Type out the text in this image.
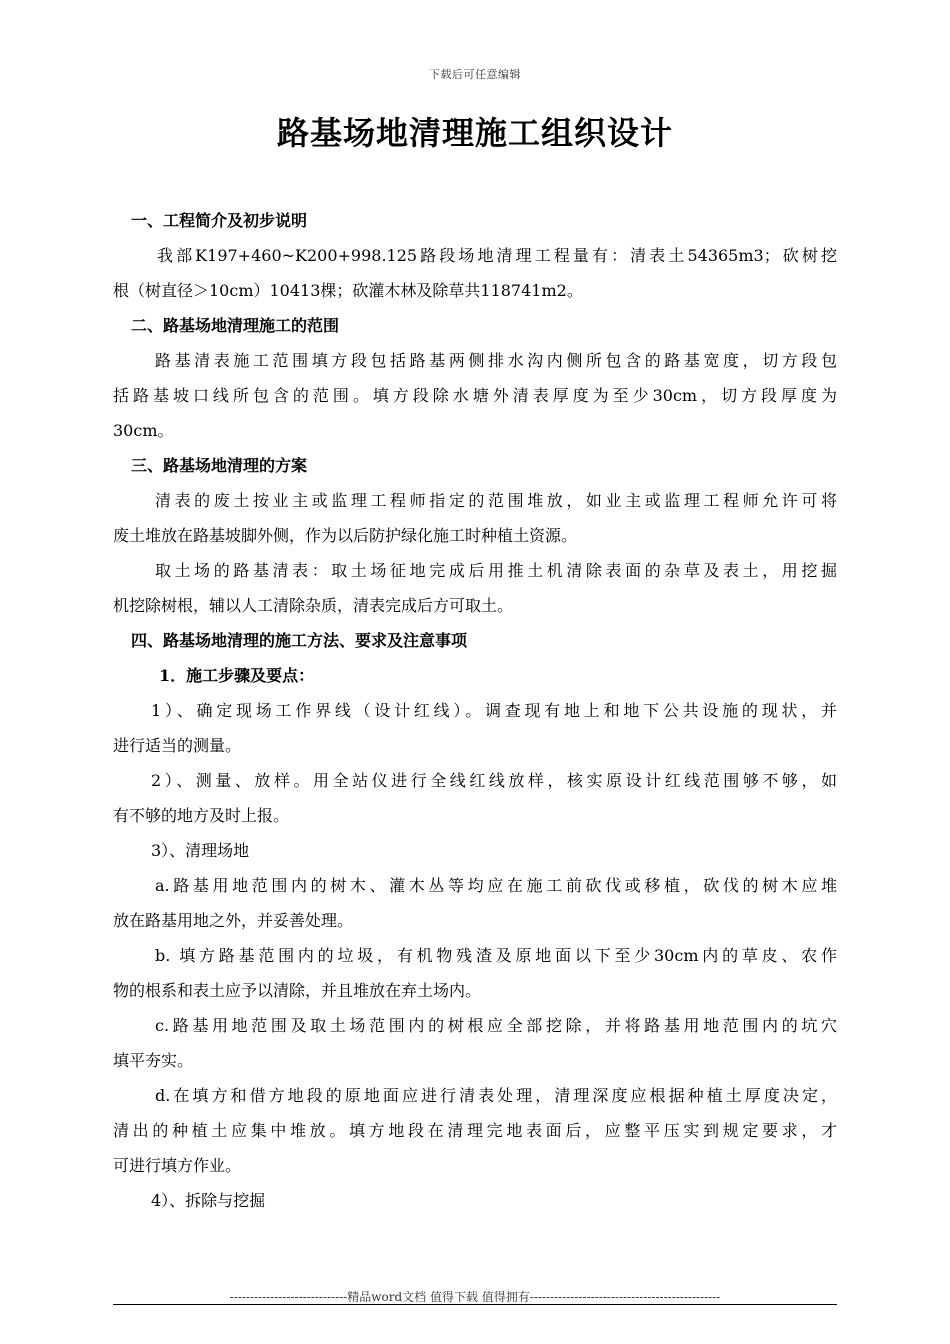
下载后可任意编辑
路基场地清理施工组织设计
一、工程简介及初步说明
我部K197+460~K200+998.125路段场地清理工程量有：清表土54365m3；砍树挖
根（树直径＞10cm）10413棵；砍灌木林及除草共118741m2。
二、路基场地清理施工的范围
路基清表施工范围填方段包括路基两侧排水沟内侧所包含的路基宽度，切方段包
括路基坡口线所包含的范围。填方段除水塘外清表厚度为至少30cm，切方段厚度为
30cm。
三、路基场地清理的方案
清表的废土按业主或监理工程师指定的范围堆放，如业主或监理工程师允许可将
废土堆放在路基坡脚外侧，作为以后防护绿化施工时种植土资源。
取土场的路基清表：取土场征地完成后用推土机清除表面的杂草及表土，用挖掘
机挖除树根，辅以人工清除杂质，清表完成后方可取土。
四、路基场地清理的施工方法、要求及注意事项
1．施工步骤及要点：
1）、确定现场工作界线（设计红线）。调查现有地上和地下公共设施的现状，并
进行适当的测量。
2）、测量、放样。用全站仪进行全线红线放样，核实原设计红线范围够不够，如
有不够的地方及时上报。
3）、清理场地
a.路基用地范围内的树木、灌木丛等均应在施工前砍伐或移植，砍伐的树木应堆
放在路基用地之外，并妥善处理。
b. 填方路基范围内的垃圾，有机物残渣及原地面以下至少30cm内的草皮、农作
物的根系和表土应予以清除，并且堆放在弃土场内。
c.路基用地范围及取土场范围内的树根应全部挖除，并将路基用地范围内的坑穴
填平夯实。
d.在填方和借方地段的原地面应进行清表处理，清理深度应根据种植土厚度决定，
清出的种植土应集中堆放。填方地段在清理完地表面后，应整平压实到规定要求，才
可进行填方作业。
4）、拆除与挖掘
-----------------------------精品word文档 值得下载 值得拥有-----------------------------------------------
